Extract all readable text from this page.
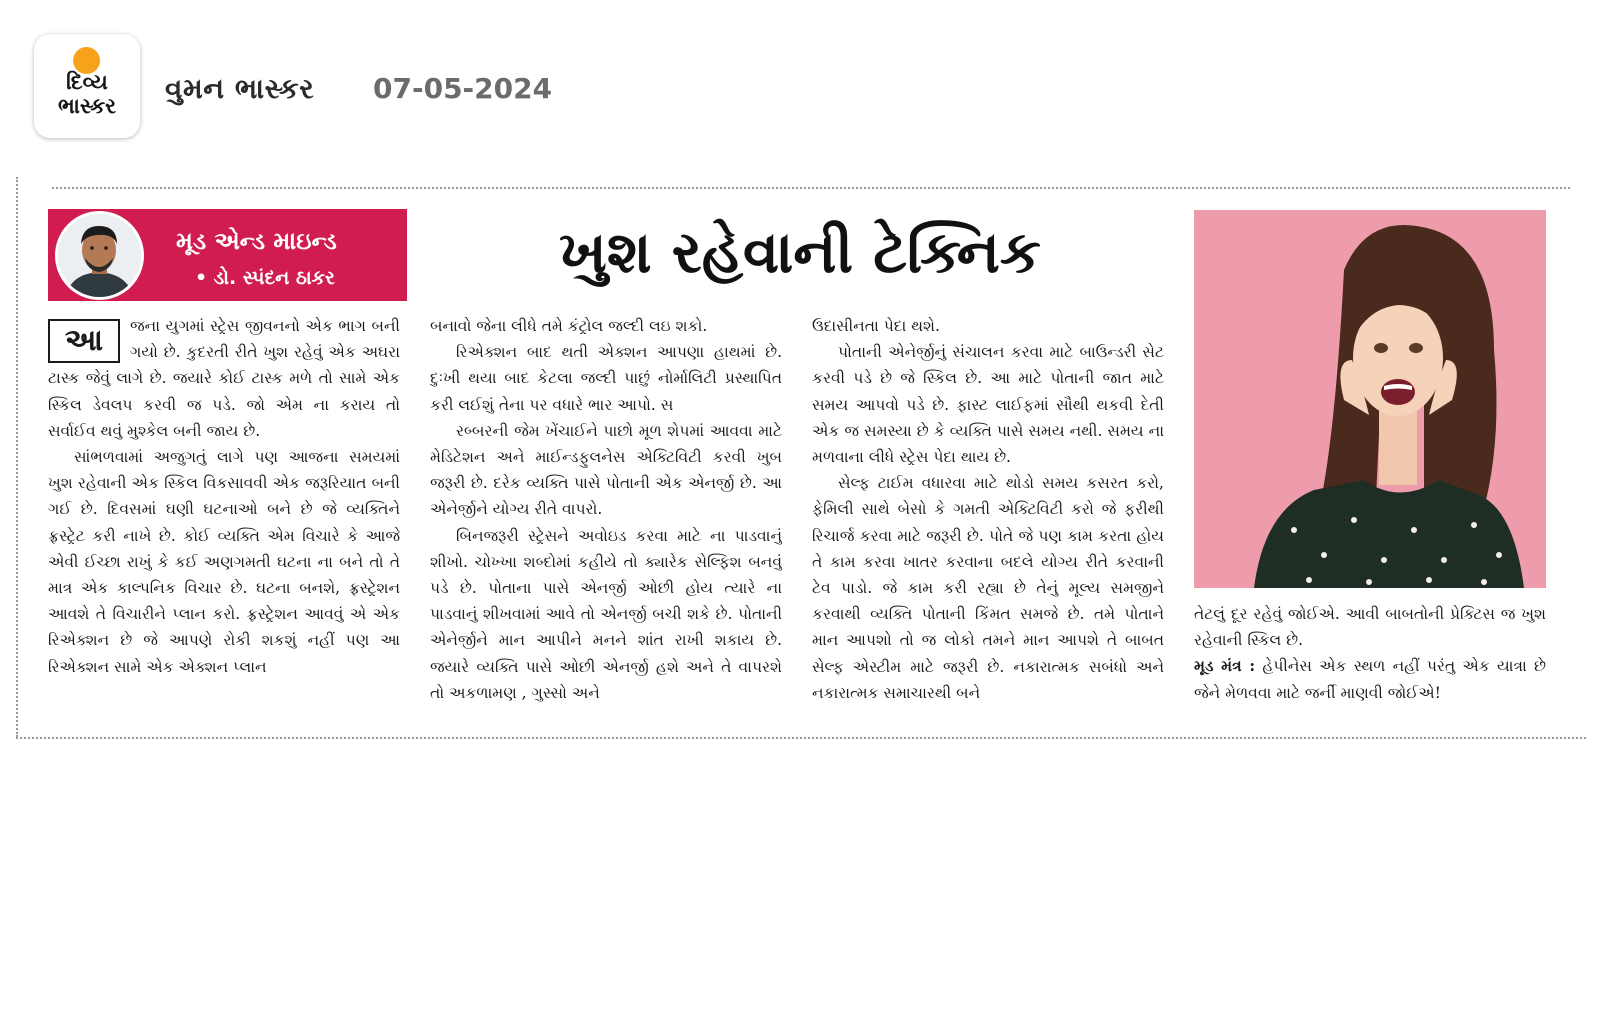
દિવ્ય
ભાસ્કર
વુમન ભાસ્કર 07-05-2024
મૂડ એન્ડ માઇન્ડ
• ડો. સ્પંદન ઠાકર	ખુશ રહેવાની ટેક્નિક
આ	જના યુગમાં સ્ટ્રેસ જીવનનો એક ભાગ બની ગયો છે. કુદરતી રીતે ખુશ રહેવું એક અઘરા ટાસ્ક જેવું લાગે છે. જયારે કોઈ ટાસ્ક મળે તો સામે એક સ્કિલ ડેવલપ કરવી જ પડે. જો એમ ના કરાય તો સર્વાઈવ થવું મુશ્કેલ બની જાય છે.

સાંભળવામાં અજુગતું લાગે પણ આજના સમયમાં ખુશ રહેવાની એક સ્કિલ વિકસાવવી એક જરૂરિયાત બની ગઈ છે. દિવસમાં ઘણી ઘટનાઓ બને છે જે વ્યક્તિને ફ્રસ્ટ્રેટ કરી નાખે છે. કોઈ વ્યક્તિ એમ વિચારે કે આજે એવી ઈચ્છા રાખું કે કઈ અણગમતી ઘટના ના બને તો તે માત્ર એક કાલ્પનિક વિચાર છે. ઘટના બનશે, ફ્રસ્ટ્રેશન આવશે તે વિચારીને પ્લાન કરો. ફ્રસ્ટ્રેશન આવવું એ એક રિએક્શન છે જે આપણે રોકી શકશું નહીં પણ આ રિએક્શન સામે એક એક્શન પ્લાન

બનાવો જેના લીધે તમે કંટ્રોલ જલ્દી લઇ શકો.

રિએક્શન બાદ થતી એક્શન આપણા હાથમાં છે. દુઃખી થયા બાદ કેટલા જલ્દી પાછું નોર્માલિટી પ્રસ્થાપિત કરી લઈશું તેના પર વધારે ભાર આપો. સ

રબ્બરની જેમ ખેંચાઈને પાછો મૂળ શેપમાં આવવા માટે મેડિટેશન અને માઈન્ડફુલનેસ એક્ટિવિટી કરવી ખુબ જરૂરી છે. દરેક વ્યક્તિ પાસે પોતાની એક એનર્જી છે. આ એનેર્જીને યોગ્ય રીતે વાપરો.

બિનજરૂરી સ્ટ્રેસને અવોઇડ કરવા માટે ના પાડવાનું શીખો. ચોખ્ખા શબ્દોમાં કહીયે તો ક્યારેક સેલ્ફિશ બનવું પડે છે. પોતાના પાસે એનર્જી ઓછી હોય ત્યારે ના પાડવાનું શીખવામાં આવે તો એનર્જી બચી શકે છે. પોતાની એનેર્જીને માન આપીને મનને શાંત રાખી શકાય છે. જયારે વ્યક્તિ પાસે ઓછી એનર્જી હશે અને તે વાપરશે તો અકળામણ , ગુસ્સો અને

ઉદાસીનતા પેદા થશે.

પોતાની એનેર્જીનું સંચાલન કરવા માટે બાઉન્ડરી સેટ કરવી પડે છે જે સ્કિલ છે. આ માટે પોતાની જાત માટે સમય આપવો પડે છે. ફાસ્ટ લાઈફમાં સૌથી થકવી દેતી એક જ સમસ્યા છે કે વ્યક્તિ પાસે સમય નથી. સમય ના મળવાના લીધે સ્ટ્રેસ પેદા થાય છે.

સેલ્ફ ટાઈમ વધારવા માટે થોડો સમય કસરત કરો, ફેમિલી સાથે બેસો કે ગમતી એક્ટિવિટી કરો જે ફરીથી રિચાર્જ કરવા માટે જરૂરી છે. પોતે જે પણ કામ કરતા હોય તે કામ કરવા ખાતર કરવાના બદલે યોગ્ય રીતે કરવાની ટેવ પાડો. જે કામ કરી રહ્યા છે તેનું મૂલ્ય સમજીને કરવાથી વ્યક્તિ પોતાની કિંમત સમજે છે. તમે પોતાને માન આપશો તો જ લોકો તમને માન આપશે તે બાબત સેલ્ફ એસ્ટીમ માટે જરૂરી છે. નકારાત્મક સબંધો અને નકારાત્મક સમાચારથી બને

તેટલું દૂર રહેવું જોઈએ. આવી બાબતોની પ્રેક્ટિસ જ ખુશ રહેવાની સ્કિલ છે.

મૂડ મંત્ર : હેપીનેસ એક સ્થળ નહીં પરંતુ એક યાત્રા છે જેને મેળવવા માટે જર્ની માણવી જોઈએ!
